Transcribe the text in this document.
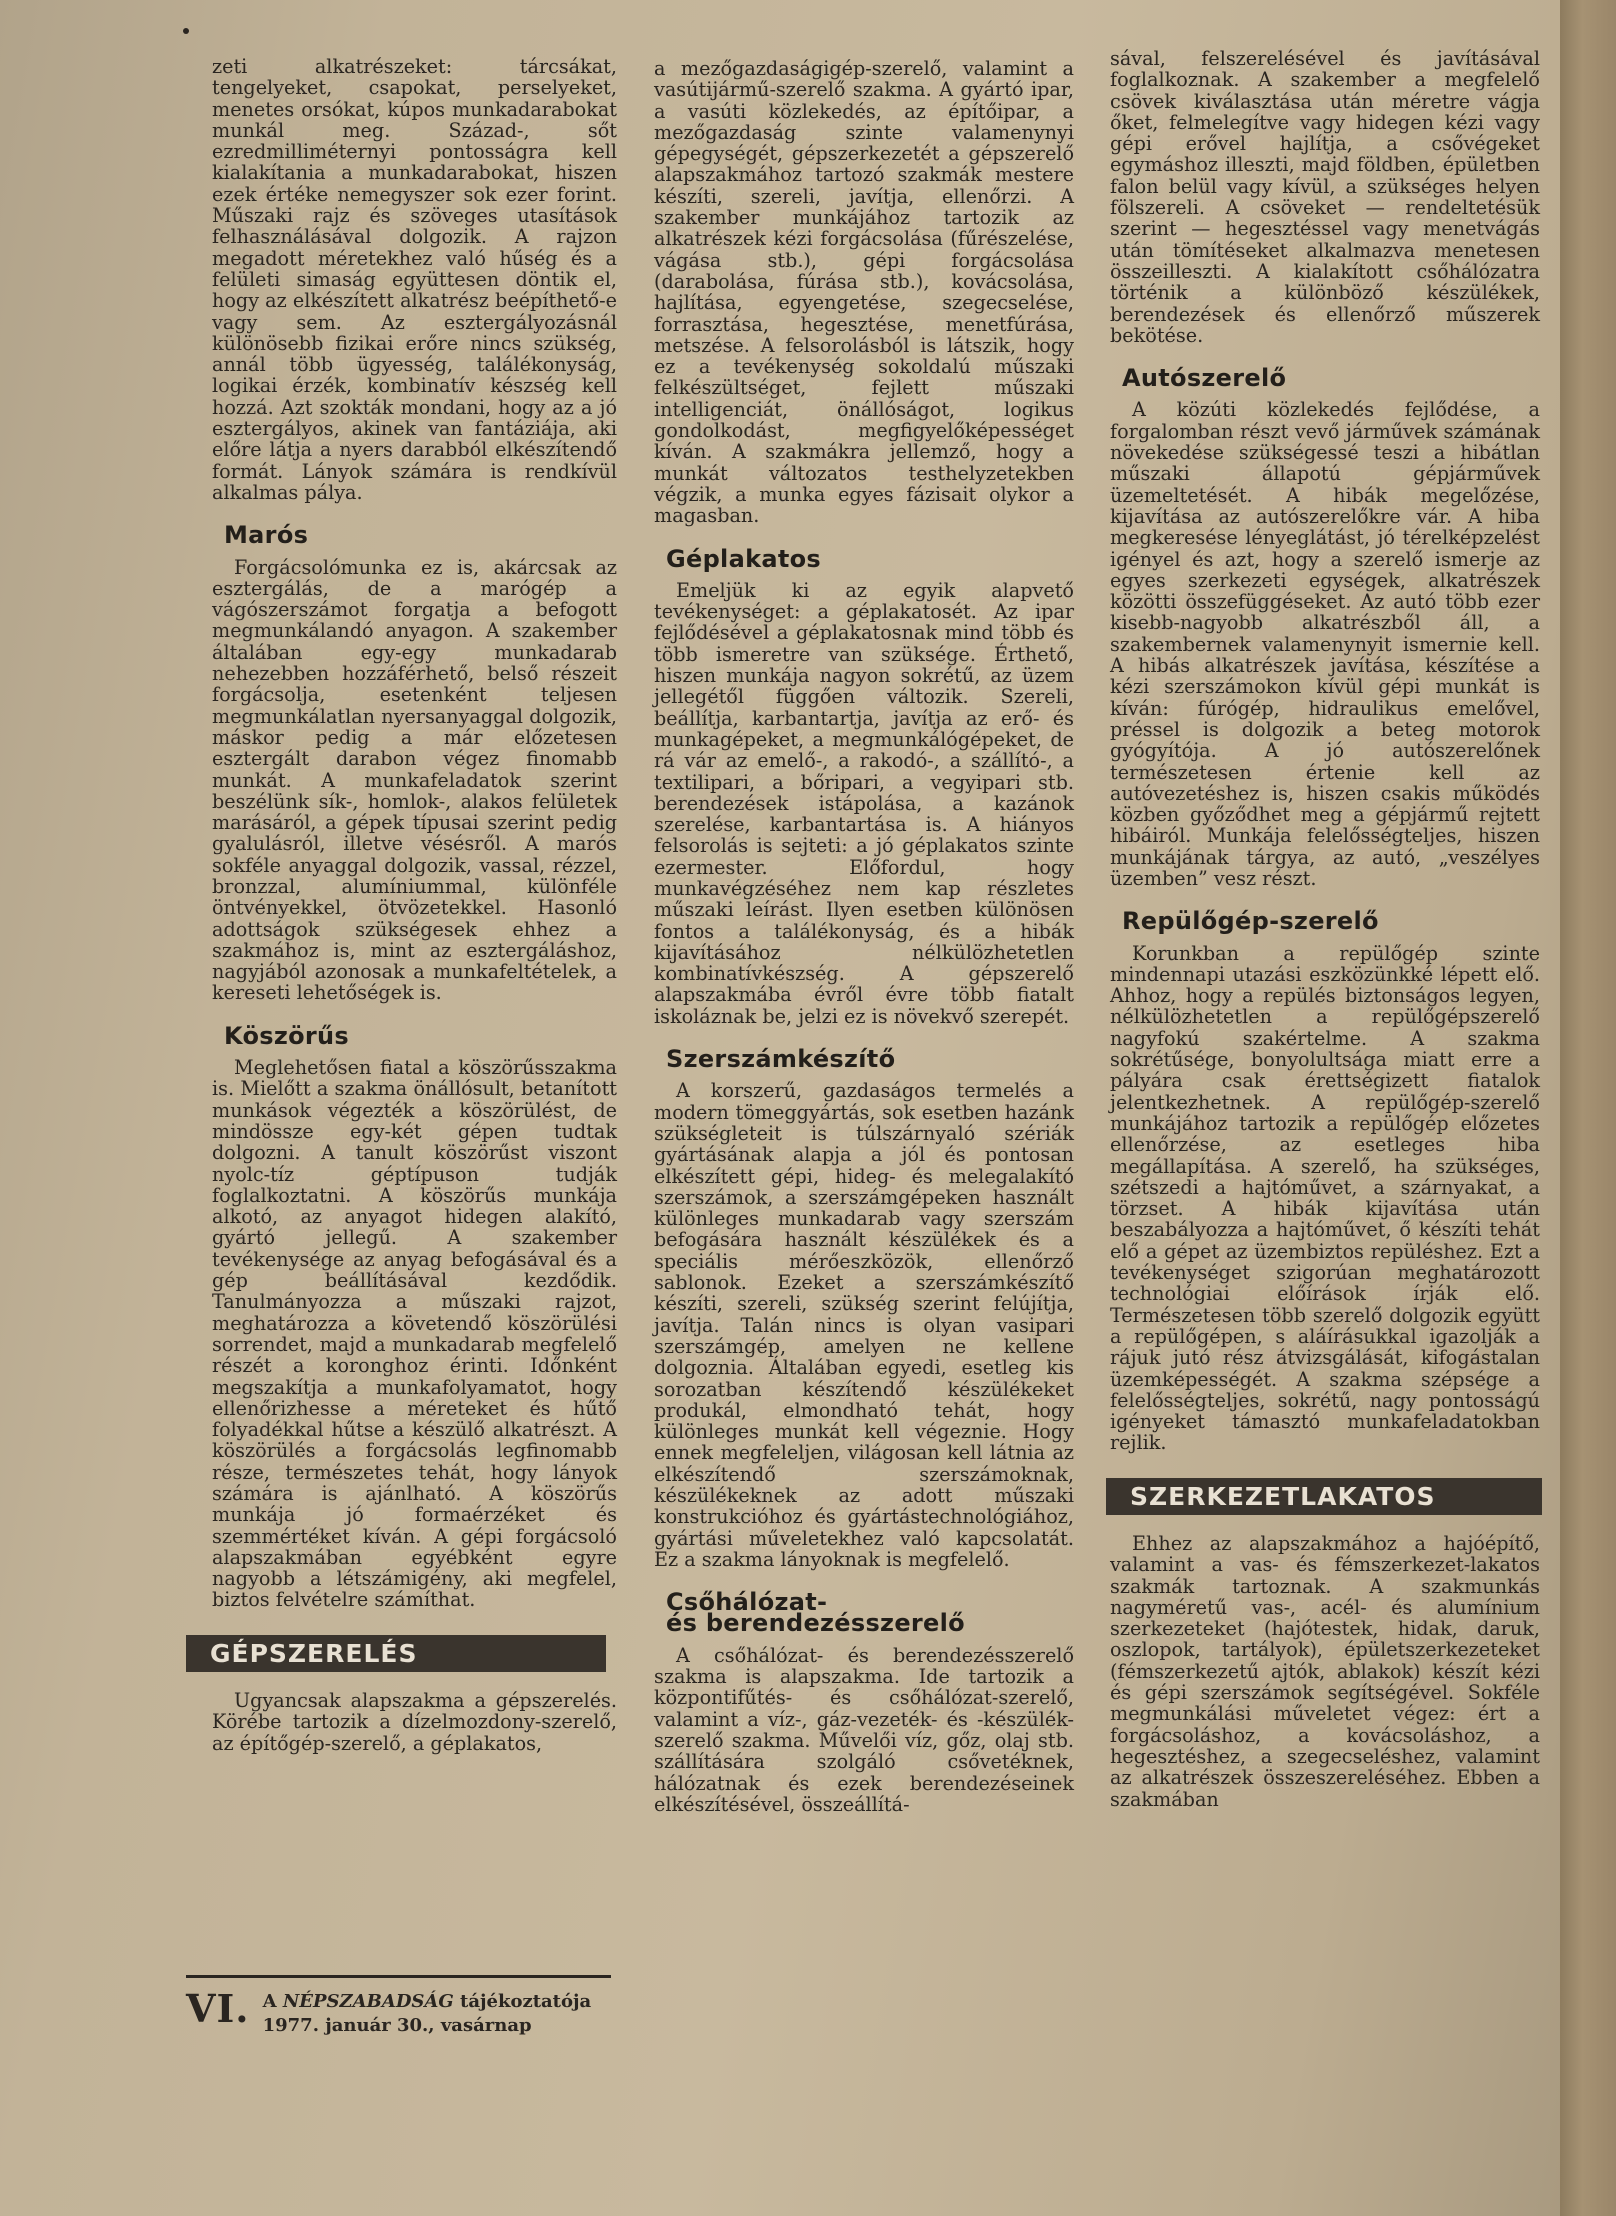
zeti alkatrészeket: tárcsákat, tengelyeket, csapokat, perselyeket, menetes orsókat, kúpos munkadarabokat munkál meg. Század-, sőt ezredmilliméternyi pontosságra kell kialakítania a munkadarabokat, hiszen ezek értéke nemegyszer sok ezer forint. Műszaki rajz és szöveges utasítások felhasználásával dolgozik. A rajzon megadott méretekhez való hűség és a felületi simaság együttesen döntik el, hogy az elkészített alkatrész beépíthető-e vagy sem. Az esztergályozásnál különösebb fizikai erőre nincs szükség, annál több ügyesség, találékonyság, logikai érzék, kombinatív készség kell hozzá. Azt szokták mondani, hogy az a jó esztergályos, akinek van fantáziája, aki előre látja a nyers darabból elkészítendő formát. Lányok számára is rendkívül alkalmas pálya.

Marós

Forgácsolómunka ez is, akárcsak az esztergálás, de a marógép a vágószerszámot forgatja a befogott megmunkálandó anyagon. A szakember általában egy-egy munkadarab nehezebben hozzáférhető, belső részeit forgácsolja, esetenként teljesen megmunkálatlan nyersanyaggal dolgozik, máskor pedig a már előzetesen esztergált darabon végez finomabb munkát. A munkafeladatok szerint beszélünk sík-, homlok-, alakos felületek marásáról, a gépek típusai szerint pedig gyalulásról, illetve vésésről. A marós sokféle anyaggal dolgozik, vassal, rézzel, bronzzal, alumíniummal, különféle öntvényekkel, ötvözetekkel. Hasonló adottságok szükségesek ehhez a szakmához is, mint az esztergáláshoz, nagyjából azonosak a munkafeltételek, a kereseti lehetőségek is.

Köszörűs

Meglehetősen fiatal a köszörűsszakma is. Mielőtt a szakma önállósult, betanított munkások végezték a köszörülést, de mindössze egy-két gépen tudtak dolgozni. A tanult köszörűst viszont nyolc-tíz géptípuson tudják foglalkoztatni. A köszörűs munkája alkotó, az anyagot hidegen alakító, gyártó jellegű. A szakember tevékenysége az anyag befogásával és a gép beállításával kezdődik. Tanulmányozza a műszaki rajzot, meghatározza a követendő köszörülési sorrendet, majd a munkadarab megfelelő részét a koronghoz érinti. Időnként megszakítja a munkafolyamatot, hogy ellenőrizhesse a méreteket és hűtő folyadékkal hűtse a készülő alkatrészt. A köszörülés a forgácsolás legfinomabb része, természetes tehát, hogy lányok számára is ajánlható. A köszörűs munkája jó formaérzéket és szemmértéket kíván. A gépi forgácsoló alapszakmában egyébként egyre nagyobb a létszámigény, aki megfelel, biztos felvételre számíthat.

GÉPSZERELÉS

Ugyancsak alapszakma a gépszerelés. Körébe tartozik a dízelmozdony-szerelő, az építőgép-szerelő, a géplakatos,

VI. A NÉPSZABADSÁG tájékoztatója
1977. január 30., vasárnap

a mezőgazdaságigép-szerelő, valamint a vasútijármű-szerelő szakma. A gyártó ipar, a vasúti közlekedés, az építőipar, a mezőgazdaság szinte valamenynyi gépegységét, gépszerkezetét a gépszerelő alapszakmához tartozó szakmák mestere készíti, szereli, javítja, ellenőrzi. A szakember munkájához tartozik az alkatrészek kézi forgácsolása (fűrészelése, vágása stb.), gépi forgácsolása (darabolása, fúrása stb.), kovácsolása, hajlítása, egyengetése, szegecselése, forrasztása, hegesztése, menetfúrása, metszése. A felsorolásból is látszik, hogy ez a tevékenység sokoldalú műszaki felkészültséget, fejlett műszaki intelligenciát, önállóságot, logikus gondolkodást, megfigyelőképességet kíván. A szakmákra jellemző, hogy a munkát változatos testhelyzetekben végzik, a munka egyes fázisait olykor a magasban.

Géplakatos

Emeljük ki az egyik alapvető tevékenységet: a géplakatosét. Az ipar fejlődésével a géplakatosnak mind több és több ismeretre van szüksége. Érthető, hiszen munkája nagyon sokrétű, az üzem jellegétől függően változik. Szereli, beállítja, karbantartja, javítja az erő- és munkagépeket, a megmunkálógépeket, de rá vár az emelő-, a rakodó-, a szállító-, a textilipari, a bőripari, a vegyipari stb. berendezések istápolása, a kazánok szerelése, karbantartása is. A hiányos felsorolás is sejteti: a jó géplakatos szinte ezermester. Előfordul, hogy munkavégzéséhez nem kap részletes műszaki leírást. Ilyen esetben különösen fontos a találékonyság, és a hibák kijavításához nélkülözhetetlen kombinatívkészség. A gépszerelő alapszakmába évről évre több fiatalt iskoláznak be, jelzi ez is növekvő szerepét.

Szerszámkészítő

A korszerű, gazdaságos termelés a modern tömeggyártás, sok esetben hazánk szükségleteit is túlszárnyaló szériák gyártásának alapja a jól és pontosan elkészített gépi, hideg- és melegalakító szerszámok, a szerszámgépeken használt különleges munkadarab vagy szerszám befogására használt készülékek és a speciális mérőeszközök, ellenőrző sablonok. Ezeket a szerszámkészítő készíti, szereli, szükség szerint felújítja, javítja. Talán nincs is olyan vasipari szerszámgép, amelyen ne kellene dolgoznia. Általában egyedi, esetleg kis sorozatban készítendő készülékeket produkál, elmondható tehát, hogy különleges munkát kell végeznie. Hogy ennek megfeleljen, világosan kell látnia az elkészítendő szerszámoknak, készülékeknek az adott műszaki konstrukcióhoz és gyártástechnológiához, gyártási műveletekhez való kapcsolatát. Ez a szakma lányoknak is megfelelő.

Csőhálózat-
és berendezésszerelő

A csőhálózat- és berendezésszerelő szakma is alapszakma. Ide tartozik a központifűtés- és csőhálózat-szerelő, valamint a víz-, gáz-vezeték- és -készülék-szerelő szakma. Művelői víz, gőz, olaj stb. szállítására szolgáló csővetéknek, hálózatnak és ezek berendezéseinek elkészítésével, összeállítá-

sával, felszerelésével és javításával foglalkoznak. A szakember a megfelelő csövek kiválasztása után méretre vágja őket, felmelegítve vagy hidegen kézi vagy gépi erővel hajlítja, a csővégeket egymáshoz illeszti, majd földben, épületben falon belül vagy kívül, a szükséges helyen fölszereli. A csöveket — rendeltetésük szerint — hegesztéssel vagy menetvágás után tömítéseket alkalmazva menetesen összeilleszti. A kialakított csőhálózatra történik a különböző készülékek, berendezések és ellenőrző műszerek bekötése.

Autószerelő

A közúti közlekedés fejlődése, a forgalomban részt vevő járművek számának növekedése szükségessé teszi a hibátlan műszaki állapotú gépjárművek üzemeltetését. A hibák megelőzése, kijavítása az autószerelőkre vár. A hiba megkeresése lényeglátást, jó térelképzelést igényel és azt, hogy a szerelő ismerje az egyes szerkezeti egységek, alkatrészek közötti összefüggéseket. Az autó több ezer kisebb-nagyobb alkatrészből áll, a szakembernek valamenynyit ismernie kell. A hibás alkatrészek javítása, készítése a kézi szerszámokon kívül gépi munkát is kíván: fúrógép, hidraulikus emelővel, préssel is dolgozik a beteg motorok gyógyítója. A jó autószerelőnek természetesen értenie kell az autóvezetéshez is, hiszen csakis működés közben győződhet meg a gépjármű rejtett hibáiról. Munkája felelősségteljes, hiszen munkájának tárgya, az autó, „veszélyes üzemben” vesz részt.

Repülőgép-szerelő

Korunkban a repülőgép szinte mindennapi utazási eszközünkké lépett elő. Ahhoz, hogy a repülés biztonságos legyen, nélkülözhetetlen a repülőgépszerelő nagyfokú szakértelme. A szakma sokrétűsége, bonyolultsága miatt erre a pályára csak érettségizett fiatalok jelentkezhetnek. A repülőgép-szerelő munkájához tartozik a repülőgép előzetes ellenőrzése, az esetleges hiba megállapítása. A szerelő, ha szükséges, szétszedi a hajtóművet, a szárnyakat, a törzset. A hibák kijavítása után beszabályozza a hajtóművet, ő készíti tehát elő a gépet az üzembiztos repüléshez. Ezt a tevékenységet szigorúan meghatározott technológiai előírások írják elő. Természetesen több szerelő dolgozik együtt a repülőgépen, s aláírásukkal igazolják a rájuk jutó rész átvizsgálását, kifogástalan üzemképességét. A szakma szépsége a felelősségteljes, sokrétű, nagy pontosságú igényeket támasztó munkafeladatokban rejlik.

SZERKEZETLAKATOS

Ehhez az alapszakmához a hajóépítő, valamint a vas- és fémszerkezet-lakatos szakmák tartoznak. A szakmunkás nagyméretű vas-, acél- és alumínium szerkezeteket (hajótestek, hidak, daruk, oszlopok, tartályok), épületszerkezeteket (fémszerkezetű ajtók, ablakok) készít kézi és gépi szerszámok segítségével. Sokféle megmunkálási műveletet végez: ért a forgácsoláshoz, a kovácsoláshoz, a hegesztéshez, a szegecseléshez, valamint az alkatrészek összeszereléséhez. Ebben a szakmában
